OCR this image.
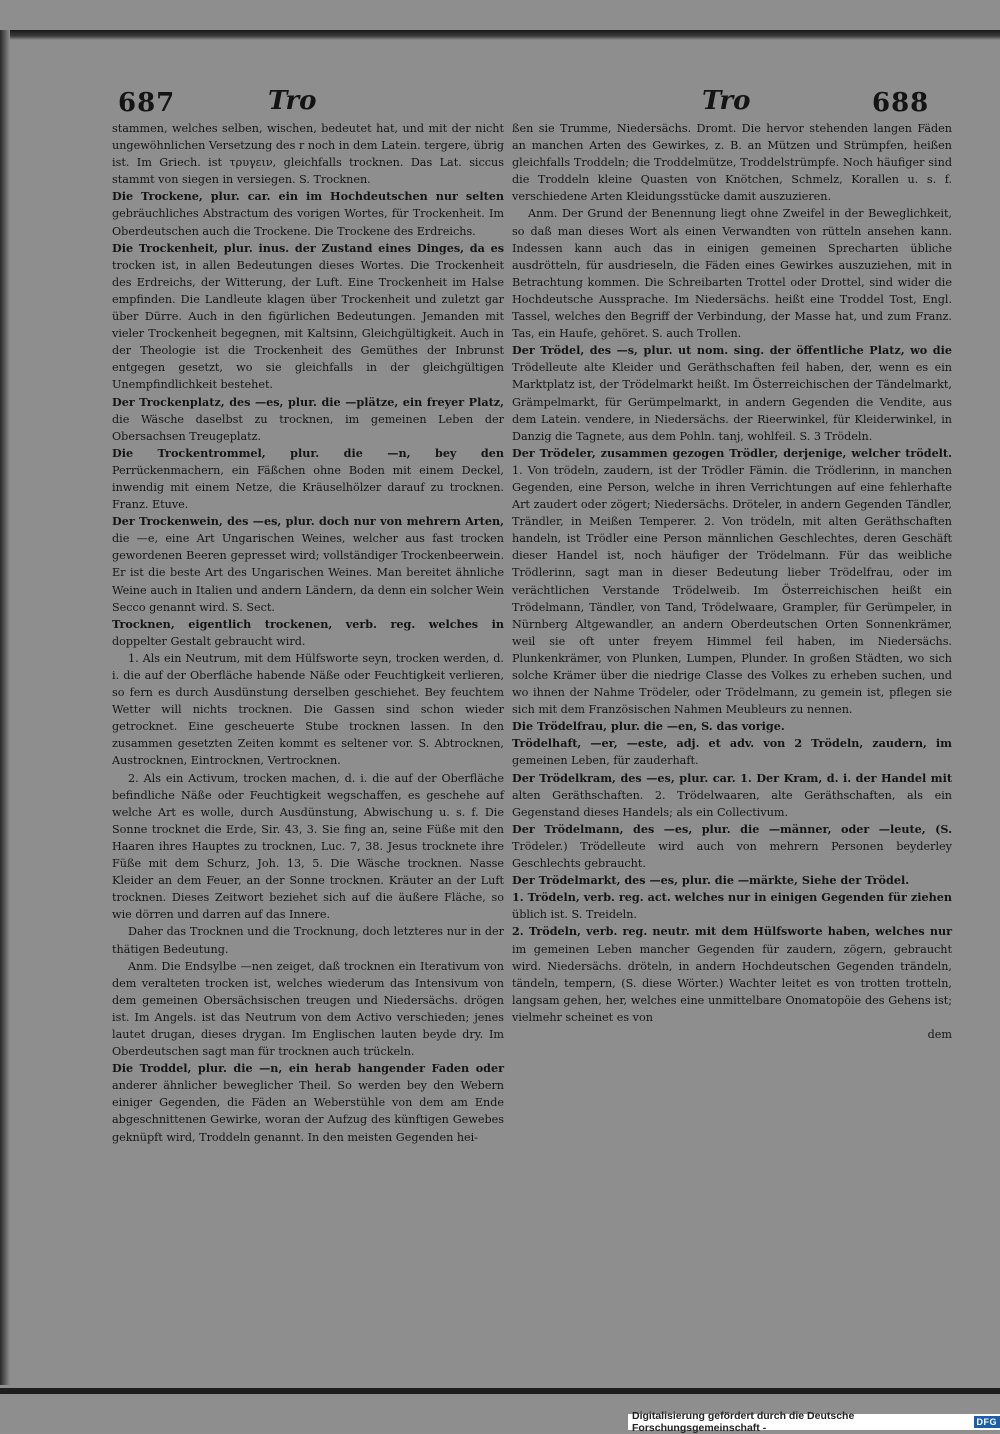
687	Tro	Tro	688

stammen, welches selben, wischen, bedeutet hat, und mit der nicht ungewöhnlichen Versetzung des r noch in dem Latein. tergere, übrig ist. Im Griech. ist τρυγειν, gleichfalls trocknen. Das Lat. siccus stammt von siegen in versiegen. S. Trocknen.

Die Trockene, plur. car. ein im Hochdeutschen nur selten gebräuchliches Abstractum des vorigen Wortes, für Trockenheit. Im Oberdeutschen auch die Trockene. Die Trockene des Erdreichs.

Die Trockenheit, plur. inus. der Zustand eines Dinges, da es trocken ist, in allen Bedeutungen dieses Wortes. Die Trockenheit des Erdreichs, der Witterung, der Luft. Eine Trockenheit im Halse empfinden. Die Landleute klagen über Trockenheit und zuletzt gar über Dürre. Auch in den figürlichen Bedeutungen. Jemanden mit vieler Trockenheit begegnen, mit Kaltsinn, Gleichgültigkeit. Auch in der Theologie ist die Trockenheit des Gemüthes der Inbrunst entgegen gesetzt, wo sie gleichfalls in der gleichgültigen Unempfindlichkeit bestehet.

Der Trockenplatz, des —es, plur. die —plätze, ein freyer Platz, die Wäsche daselbst zu trocknen, im gemeinen Leben der Obersachsen Treugeplatz.

Die Trockentrommel, plur. die —n, bey den Perrückenmachern, ein Fäßchen ohne Boden mit einem Deckel, inwendig mit einem Netze, die Kräuselhölzer darauf zu trocknen. Franz. Etuve.

Der Trockenwein, des —es, plur. doch nur von mehrern Arten, die —e, eine Art Ungarischen Weines, welcher aus fast trocken gewordenen Beeren gepresset wird; vollständiger Trockenbeerwein. Er ist die beste Art des Ungarischen Weines. Man bereitet ähnliche Weine auch in Italien und andern Ländern, da denn ein solcher Wein Secco genannt wird. S. Sect.

Trocknen, eigentlich trockenen, verb. reg. welches in doppelter Gestalt gebraucht wird.

1. Als ein Neutrum, mit dem Hülfsworte seyn, trocken werden, d. i. die auf der Oberfläche habende Näße oder Feuchtigkeit verlieren, so fern es durch Ausdünstung derselben geschiehet. Bey feuchtem Wetter will nichts trocknen. Die Gassen sind schon wieder getrocknet. Eine gescheuerte Stube trocknen lassen. In den zusammen gesetzten Zeiten kommt es seltener vor. S. Abtrocknen, Austrocknen, Eintrocknen, Vertrocknen.

2. Als ein Activum, trocken machen, d. i. die auf der Oberfläche befindliche Näße oder Feuchtigkeit wegschaffen, es geschehe auf welche Art es wolle, durch Ausdünstung, Abwischung u. s. f. Die Sonne trocknet die Erde, Sir. 43, 3. Sie fing an, seine Füße mit den Haaren ihres Hauptes zu trocknen, Luc. 7, 38. Jesus trocknete ihre Füße mit dem Schurz, Joh. 13, 5. Die Wäsche trocknen. Nasse Kleider an dem Feuer, an der Sonne trocknen. Kräuter an der Luft trocknen. Dieses Zeitwort beziehet sich auf die äußere Fläche, so wie dörren und darren auf das Innere.

Daher das Trocknen und die Trocknung, doch letzteres nur in der thätigen Bedeutung.

Anm. Die Endsylbe —nen zeiget, daß trocknen ein Iterativum von dem veralteten trocken ist, welches wiederum das Intensivum von dem gemeinen Obersächsischen treugen und Niedersächs. drögen ist. Im Angels. ist das Neutrum von dem Activo verschieden; jenes lautet drugan, dieses drygan. Im Englischen lauten beyde dry. Im Oberdeutschen sagt man für trocknen auch trückeln.

Die Troddel, plur. die —n, ein herab hangender Faden oder anderer ähnlicher beweglicher Theil. So werden bey den Webern einiger Gegenden, die Fäden an Weberstühle von dem am Ende abgeschnittenen Gewirke, woran der Aufzug des künftigen Gewebes geknüpft wird, Troddeln genannt. In den meisten Gegenden hei-

ßen sie Trumme, Niedersächs. Dromt. Die hervor stehenden langen Fäden an manchen Arten des Gewirkes, z. B. an Mützen und Strümpfen, heißen gleichfalls Troddeln; die Troddelmütze, Troddelstrümpfe. Noch häufiger sind die Troddeln kleine Quasten von Knötchen, Schmelz, Korallen u. s. f. verschiedene Arten Kleidungsstücke damit auszuzieren.

Anm. Der Grund der Benennung liegt ohne Zweifel in der Beweglichkeit, so daß man dieses Wort als einen Verwandten von rütteln ansehen kann. Indessen kann auch das in einigen gemeinen Sprecharten übliche ausdrötteln, für ausdrieseln, die Fäden eines Gewirkes auszuziehen, mit in Betrachtung kommen. Die Schreibarten Trottel oder Drottel, sind wider die Hochdeutsche Aussprache. Im Niedersächs. heißt eine Troddel Tost, Engl. Tassel, welches den Begriff der Verbindung, der Masse hat, und zum Franz. Tas, ein Haufe, gehöret. S. auch Trollen.

Der Trödel, des —s, plur. ut nom. sing. der öffentliche Platz, wo die Trödelleute alte Kleider und Geräthschaften feil haben, der, wenn es ein Marktplatz ist, der Trödelmarkt heißt. Im Österreichischen der Tändelmarkt, Grämpelmarkt, für Gerümpelmarkt, in andern Gegenden die Vendite, aus dem Latein. vendere, in Niedersächs. der Rieerwinkel, für Kleiderwinkel, in Danzig die Tagnete, aus dem Pohln. tanj, wohlfeil. S. 3 Trödeln.

Der Trödeler, zusammen gezogen Trödler, derjenige, welcher trödelt. 1. Von trödeln, zaudern, ist der Trödler Fämin. die Trödlerinn, in manchen Gegenden, eine Person, welche in ihren Verrichtungen auf eine fehlerhafte Art zaudert oder zögert; Niedersächs. Dröteler, in andern Gegenden Tändler, Trändler, in Meißen Temperer. 2. Von trödeln, mit alten Geräthschaften handeln, ist Trödler eine Person männlichen Geschlechtes, deren Geschäft dieser Handel ist, noch häufiger der Trödelmann. Für das weibliche Trödlerinn, sagt man in dieser Bedeutung lieber Trödelfrau, oder im verächtlichen Verstande Trödelweib. Im Österreichischen heißt ein Trödelmann, Tändler, von Tand, Trödelwaare, Grampler, für Gerümpeler, in Nürnberg Altgewandler, an andern Oberdeutschen Orten Sonnenkrämer, weil sie oft unter freyem Himmel feil haben, im Niedersächs. Plunkenkrämer, von Plunken, Lumpen, Plunder. In großen Städten, wo sich solche Krämer über die niedrige Classe des Volkes zu erheben suchen, und wo ihnen der Nahme Trödeler, oder Trödelmann, zu gemein ist, pflegen sie sich mit dem Französischen Nahmen Meubleurs zu nennen.

Die Trödelfrau, plur. die —en, S. das vorige.

Trödelhaft, —er, —este, adj. et adv. von 2 Trödeln, zaudern, im gemeinen Leben, für zauderhaft.

Der Trödelkram, des —es, plur. car. 1. Der Kram, d. i. der Handel mit alten Geräthschaften. 2. Trödelwaaren, alte Geräthschaften, als ein Gegenstand dieses Handels; als ein Collectivum.

Der Trödelmann, des —es, plur. die —männer, oder —leute, (S. Trödeler.) Trödelleute wird auch von mehrern Personen beyderley Geschlechts gebraucht.

Der Trödelmarkt, des —es, plur. die —märkte, Siehe der Trödel.

1. Trödeln, verb. reg. act. welches nur in einigen Gegenden für ziehen üblich ist. S. Treideln.

2. Trödeln, verb. reg. neutr. mit dem Hülfsworte haben, welches nur im gemeinen Leben mancher Gegenden für zaudern, zögern, gebraucht wird. Niedersächs. dröteln, in andern Hochdeutschen Gegenden trändeln, tändeln, tempern, (S. diese Wörter.) Wachter leitet es von trotten trotteln, langsam gehen, her, welches eine unmittelbare Onomatopöie des Gehens ist; vielmehr scheinet es von

dem

Digitalisierung gefördert durch die Deutsche Forschungsgemeinschaft -	DFG
